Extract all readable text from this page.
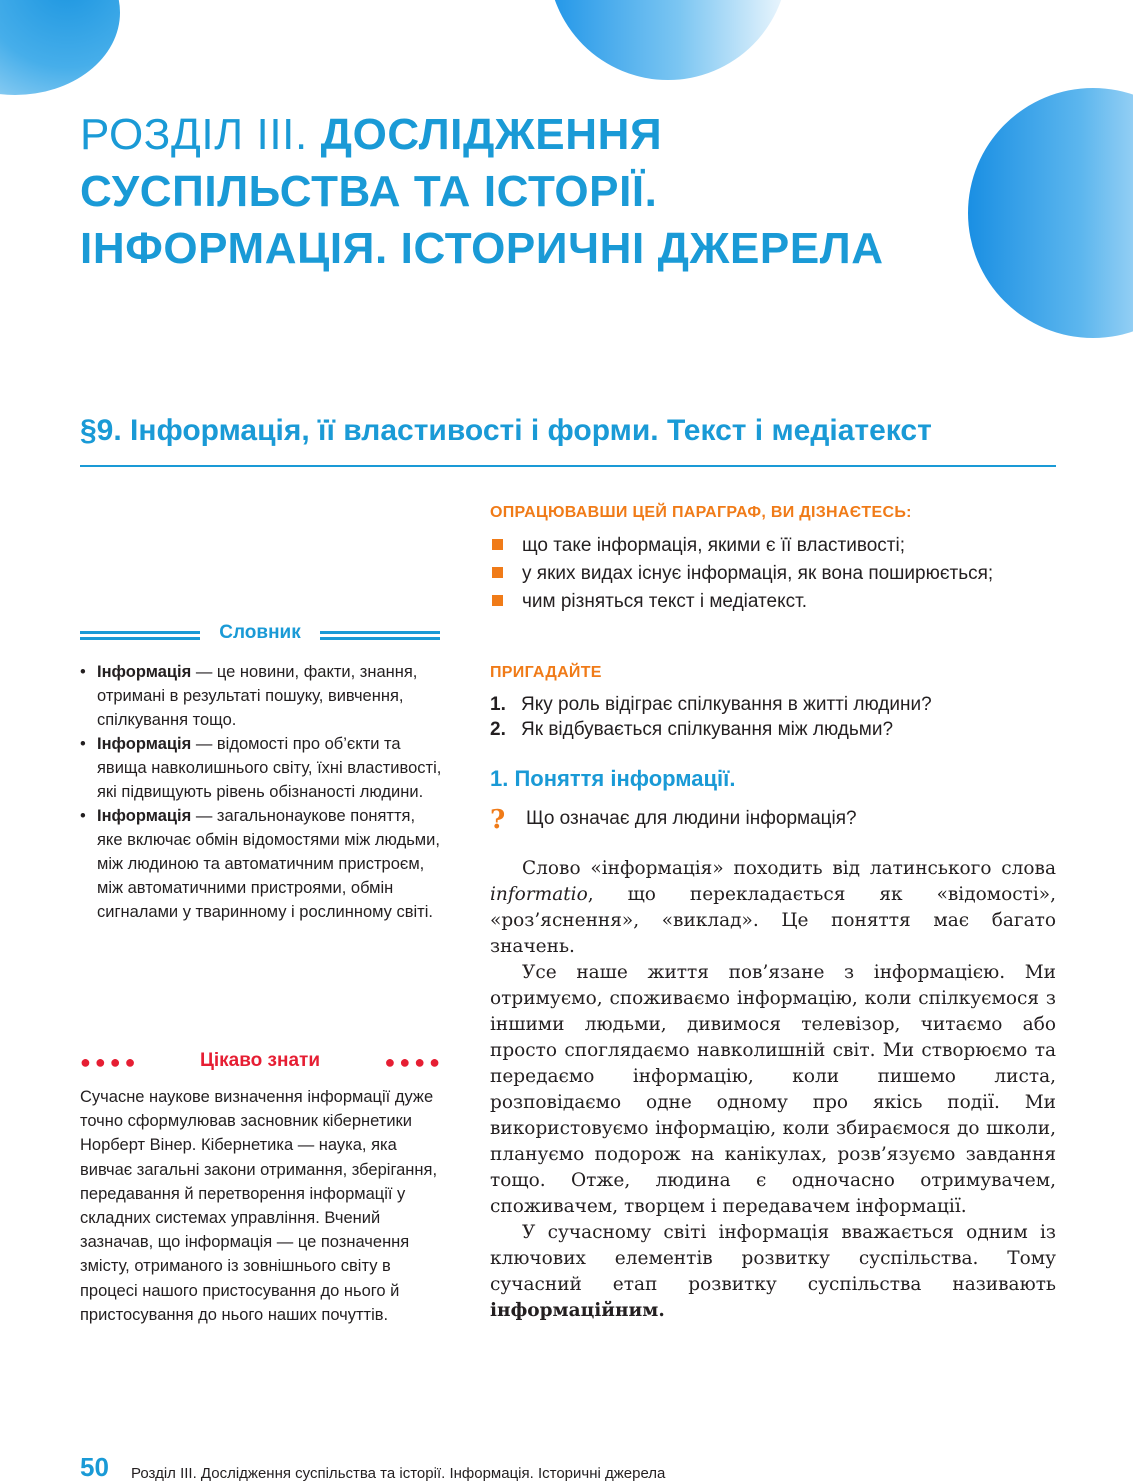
РОЗДІЛ ІІІ. ДОСЛІДЖЕННЯ
СУСПІЛЬСТВА ТА ІСТОРІЇ.
ІНФОРМАЦІЯ. ІСТОРИЧНІ ДЖЕРЕЛА
§9. Інформація, її властивості і форми. Текст і медіатекст
Словник
• Інформація — це новини, факти, знання, отримані в результаті пошуку, вивчення, спілкування тощо.
• Інформація — відомості про об’єкти та явища навколишнього світу, їхні властивості, які підвищують рівень обізнаності людини.
• Інформація — загальнонаукове поняття, яке включає обмін відомостями між людьми, між людиною та автоматичним пристроєм, між автоматичними пристроями, обмін сигналами у тваринному і рослинному світі.
●●●●	Цікаво знати	●●●●
Сучасне наукове визначення інформації дуже точно сформулював засновник кібернетики Норберт Вінер. Кібернетика — наука, яка вивчає загальні закони отримання, зберігання, передавання й перетворення інформації у складних системах управління. Вчений зазначав, що інформація — це позначення змісту, отриманого із зовнішнього світу в процесі нашого пристосування до нього й пристосування до нього наших почуттів.
ОПРАЦЮВАВШИ ЦЕЙ ПАРАГРАФ, ВИ ДІЗНАЄТЕСЬ:
що таке інформація, якими є її властивості;
у яких видах існує інформація, як вона поширюється;
чим різняться текст і медіатекст.
ПРИГАДАЙТЕ
1. Яку роль відіграє спілкування в житті людини?
2. Як відбувається спілкування між людьми?
1. Поняття інформації.
? Що означає для людини інформація?

Слово «інформація» походить від латинського слова informatio, що перекладається як «відомості», «роз’яснення», «виклад». Це поняття має багато значень.

Усе наше життя пов’язане з інформацією. Ми отримуємо, споживаємо інформацію, коли спілкуємося з іншими людьми, дивимося телевізор, читаємо або просто споглядаємо навколишній світ. Ми створюємо та передаємо інформацію, коли пишемо листа, розповідаємо одне одному про якісь події. Ми використовуємо інформацію, коли збираємося до школи, плануємо подорож на канікулах, розв’язуємо завдання тощо. Отже, людина є одночасно отримувачем, споживачем, творцем і передавачем інформації.

У сучасному світі інформація вважається одним із ключових елементів розвитку суспільства. Тому сучасний етап розвитку суспільства називають інформаційним.

50 Розділ ІІІ. Дослідження суспільства та історії. Інформація. Історичні джерела
